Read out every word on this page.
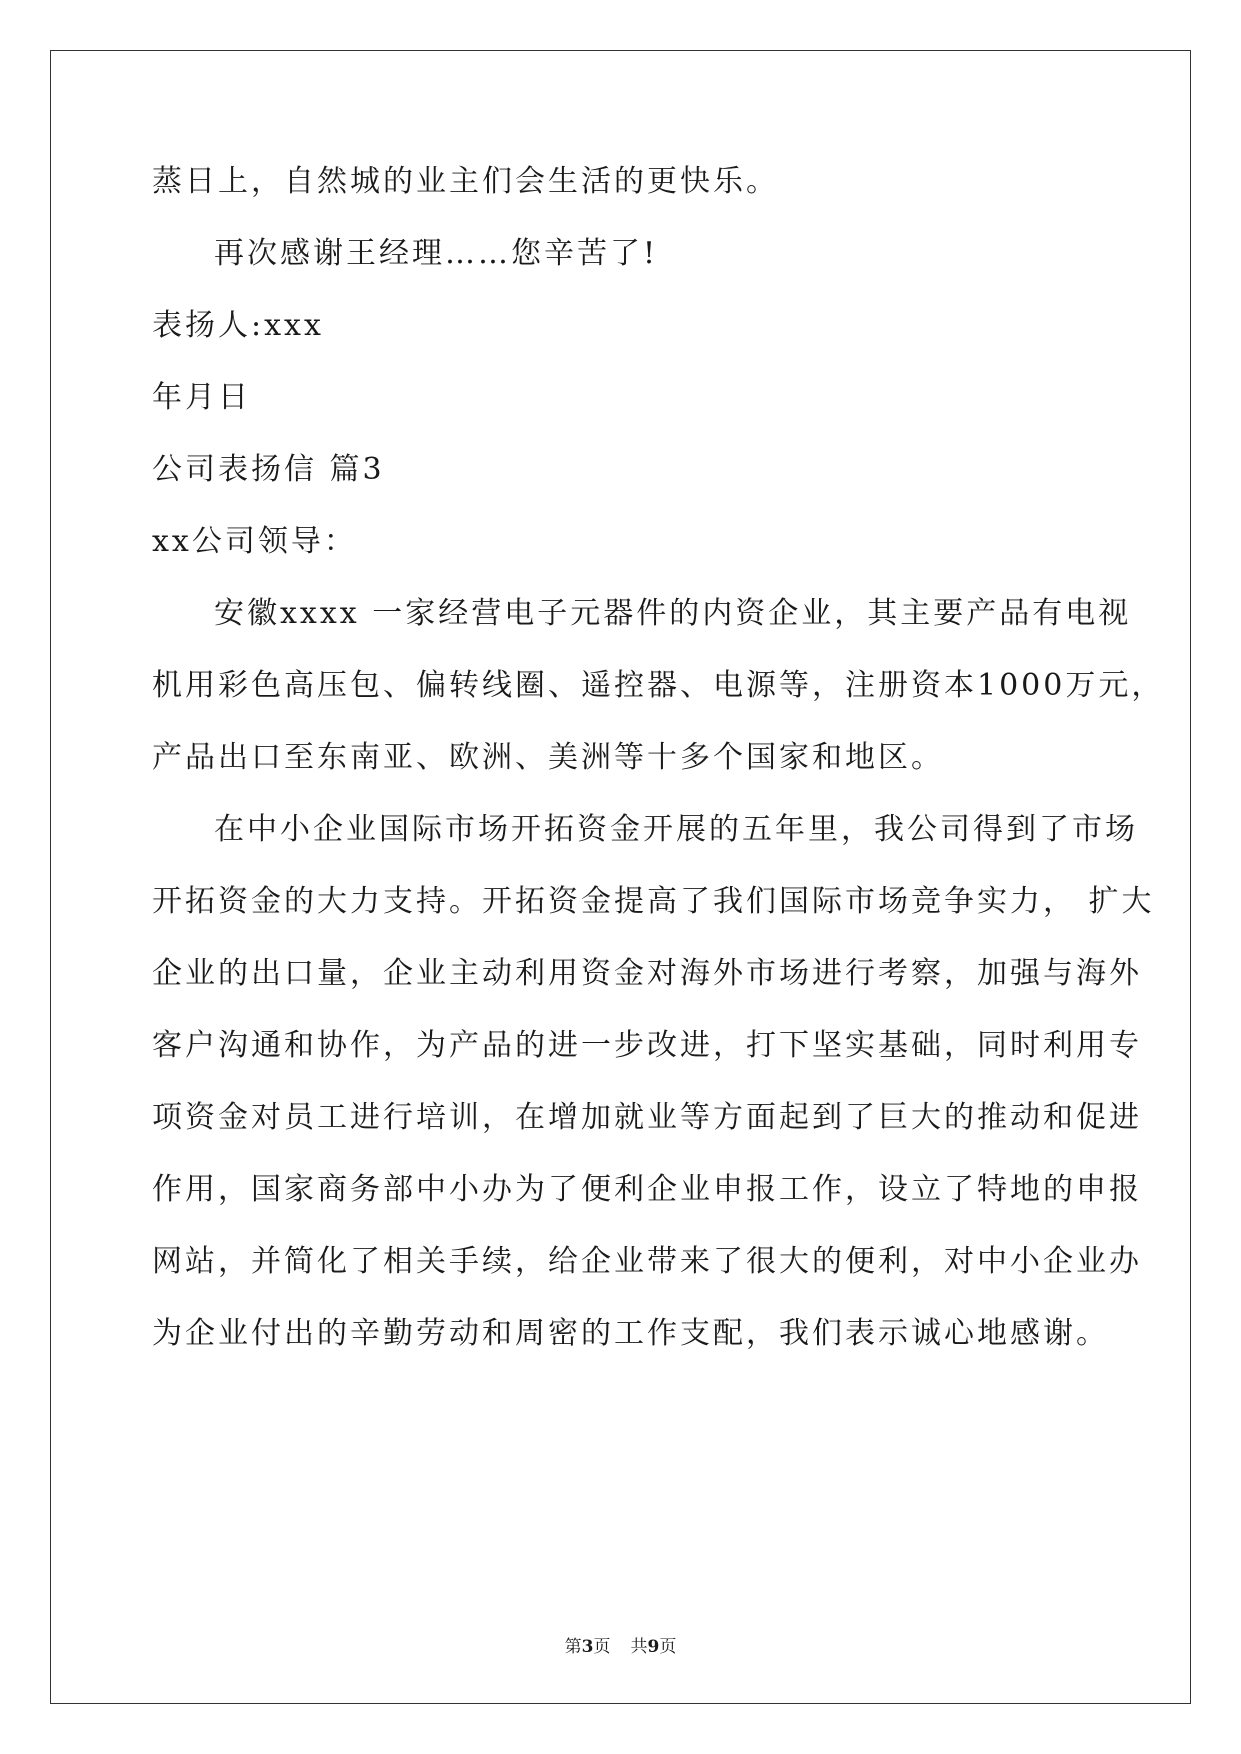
蒸日上，自然城的业主们会生活的更快乐。
再次感谢王经理……您辛苦了!
表扬人:xxx
年月日
公司表扬信 篇3
xx公司领导：
安徽xxxx 一家经营电子元器件的内资企业，其主要产品有电视
机用彩色高压包、偏转线圈、遥控器、电源等，注册资本1000万元，
产品出口至东南亚、欧洲、美洲等十多个国家和地区。
在中小企业国际市场开拓资金开展的五年里，我公司得到了市场
开拓资金的大力支持。开拓资金提高了我们国际市场竞争实力， 扩大
企业的出口量，企业主动利用资金对海外市场进行考察，加强与海外
客户沟通和协作，为产品的进一步改进，打下坚实基础，同时利用专
项资金对员工进行培训，在增加就业等方面起到了巨大的推动和促进
作用，国家商务部中小办为了便利企业申报工作，设立了特地的申报
网站，并简化了相关手续，给企业带来了很大的便利，对中小企业办
为企业付出的辛勤劳动和周密的工作支配，我们表示诚心地感谢。
第3页 共9页
